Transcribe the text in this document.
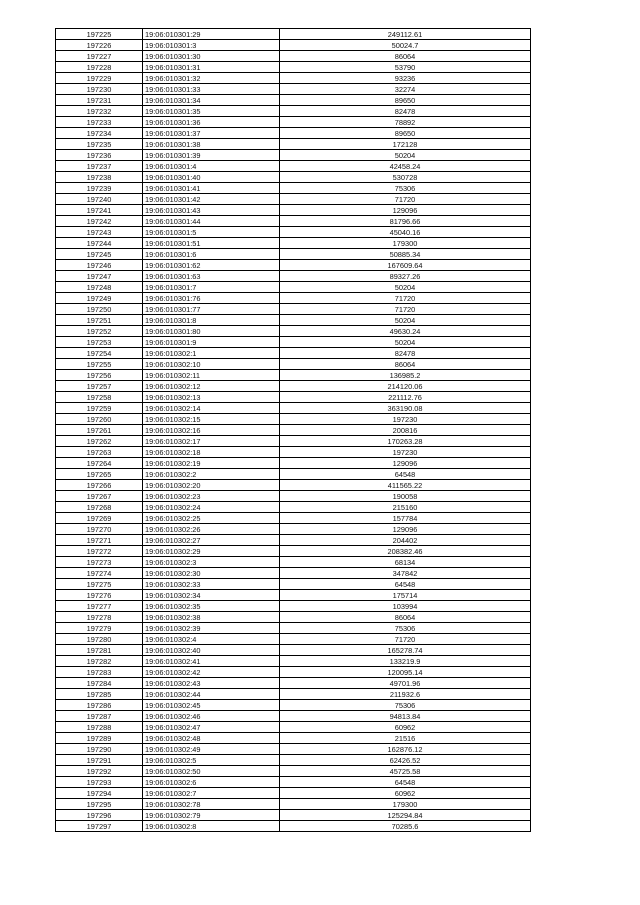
197225	19:06:010301:29	249112.61
197226	19:06:010301:3	50024.7
197227	19:06:010301:30	86064
197228	19:06:010301:31	53790
197229	19:06:010301:32	93236
197230	19:06:010301:33	32274
197231	19:06:010301:34	89650
197232	19:06:010301:35	82478
197233	19:06:010301:36	78892
197234	19:06:010301:37	89650
197235	19:06:010301:38	172128
197236	19:06:010301:39	50204
197237	19:06:010301:4	42458.24
197238	19:06:010301:40	530728
197239	19:06:010301:41	75306
197240	19:06:010301:42	71720
197241	19:06:010301:43	129096
197242	19:06:010301:44	81796.66
197243	19:06:010301:5	45040.16
197244	19:06:010301:51	179300
197245	19:06:010301:6	50885.34
197246	19:06:010301:62	167609.64
197247	19:06:010301:63	89327.26
197248	19:06:010301:7	50204
197249	19:06:010301:76	71720
197250	19:06:010301:77	71720
197251	19:06:010301:8	50204
197252	19:06:010301:80	49630.24
197253	19:06:010301:9	50204
197254	19:06:010302:1	82478
197255	19:06:010302:10	86064
197256	19:06:010302:11	136985.2
197257	19:06:010302:12	214120.06
197258	19:06:010302:13	221112.76
197259	19:06:010302:14	363190.08
197260	19:06:010302:15	197230
197261	19:06:010302:16	200816
197262	19:06:010302:17	170263.28
197263	19:06:010302:18	197230
197264	19:06:010302:19	129096
197265	19:06:010302:2	64548
197266	19:06:010302:20	411565.22
197267	19:06:010302:23	190058
197268	19:06:010302:24	215160
197269	19:06:010302:25	157784
197270	19:06:010302:26	129096
197271	19:06:010302:27	204402
197272	19:06:010302:29	208382.46
197273	19:06:010302:3	68134
197274	19:06:010302:30	347842
197275	19:06:010302:33	64548
197276	19:06:010302:34	175714
197277	19:06:010302:35	103994
197278	19:06:010302:38	86064
197279	19:06:010302:39	75306
197280	19:06:010302:4	71720
197281	19:06:010302:40	165278.74
197282	19:06:010302:41	133219.9
197283	19:06:010302:42	120095.14
197284	19:06:010302:43	49701.96
197285	19:06:010302:44	211932.6
197286	19:06:010302:45	75306
197287	19:06:010302:46	94813.84
197288	19:06:010302:47	60962
197289	19:06:010302:48	21516
197290	19:06:010302:49	162876.12
197291	19:06:010302:5	62426.52
197292	19:06:010302:50	45725.58
197293	19:06:010302:6	64548
197294	19:06:010302:7	60962
197295	19:06:010302:78	179300
197296	19:06:010302:79	125294.84
197297	19:06:010302:8	70285.6
